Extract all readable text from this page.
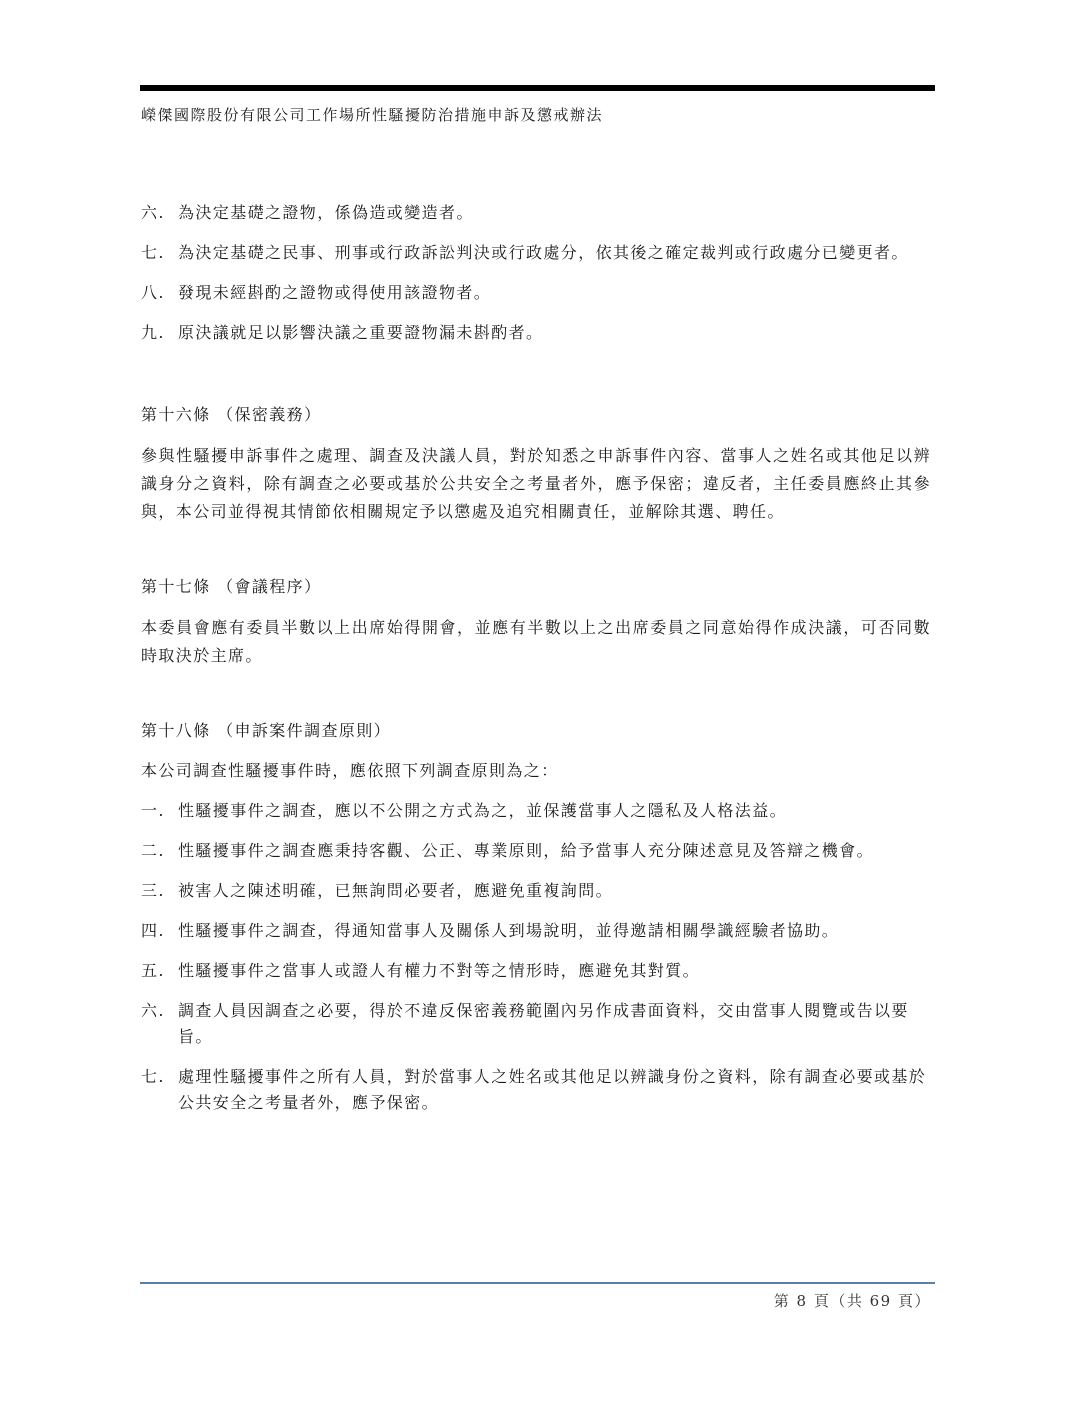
嶸傑國際股份有限公司工作場所性騷擾防治措施申訴及懲戒辦法
六. 為決定基礎之證物，係偽造或變造者。
七. 為決定基礎之民事、刑事或行政訴訟判決或行政處分，依其後之確定裁判或行政處分已變更者。
八. 發現未經斟酌之證物或得使用該證物者。
九. 原決議就足以影響決議之重要證物漏未斟酌者。
第十六條 （保密義務）
參與性騷擾申訴事件之處理、調查及決議人員，對於知悉之申訴事件內容、當事人之姓名或其他足以辨識身分之資料，除有調查之必要或基於公共安全之考量者外，應予保密；違反者，主任委員應終止其參與，本公司並得視其情節依相關規定予以懲處及追究相關責任，並解除其選、聘任。
第十七條 （會議程序）
本委員會應有委員半數以上出席始得開會，並應有半數以上之出席委員之同意始得作成決議，可否同數時取決於主席。
第十八條 （申訴案件調查原則）
本公司調查性騷擾事件時，應依照下列調查原則為之：
一. 性騷擾事件之調查，應以不公開之方式為之，並保護當事人之隱私及人格法益。
二. 性騷擾事件之調查應秉持客觀、公正、專業原則，給予當事人充分陳述意見及答辯之機會。
三. 被害人之陳述明確，已無詢問必要者，應避免重複詢問。
四. 性騷擾事件之調查，得通知當事人及關係人到場說明，並得邀請相關學識經驗者協助。
五. 性騷擾事件之當事人或證人有權力不對等之情形時，應避免其對質。
六. 調查人員因調查之必要，得於不違反保密義務範圍內另作成書面資料，交由當事人閱覽或告以要旨。
七. 處理性騷擾事件之所有人員，對於當事人之姓名或其他足以辨識身份之資料，除有調查必要或基於公共安全之考量者外，應予保密。
第 8 頁（共 69 頁）
